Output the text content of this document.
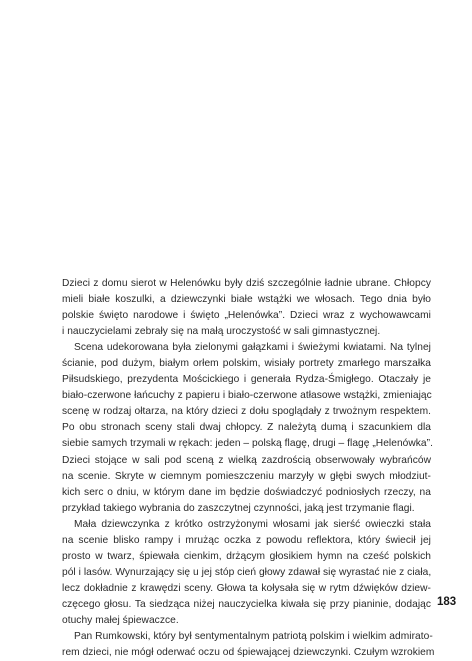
Dzieci z domu sierot w Helenówku były dziś szczególnie ładnie ubrane. Chłopcy
mieli białe koszulki, a dziewczynki białe wstążki we włosach. Tego dnia było
polskie święto narodowe i święto „Helenówka”. Dzieci wraz z wychowawcami
i nauczycielami zebrały się na małą uroczystość w sali gimnastycznej.
Scena udekorowana była zielonymi gałązkami i świeżymi kwiatami. Na tylnej
ścianie, pod dużym, białym orłem polskim, wisiały portrety zmarłego marszałka
Piłsudskiego, prezydenta Mościckiego i generała Rydza-Śmigłego. Otaczały je
biało-czerwone łańcuchy z papieru i biało-czerwone atłasowe wstążki, zmieniając
scenę w rodzaj ołtarza, na który dzieci z dołu spoglądały z trwożnym respektem.
Po obu stronach sceny stali dwaj chłopcy. Z należytą dumą i szacunkiem dla
siebie samych trzymali w rękach: jeden – polską flagę, drugi – flagę „Helenówka”.
Dzieci stojące w sali pod sceną z wielką zazdrością obserwowały wybrańców
na scenie. Skryte w ciemnym pomieszczeniu marzyły w głębi swych młodziut-
kich serc o dniu, w którym dane im będzie doświadczyć podniosłych rzeczy, na
przykład takiego wybrania do zaszczytnej czynności, jaką jest trzymanie flagi.
Mała dziewczynka z krótko ostrzyżonymi włosami jak sierść owieczki stała
na scenie blisko rampy i mrużąc oczka z powodu reflektora, który świecił jej
prosto w twarz, śpiewała cienkim, drżącym głosikiem hymn na cześć polskich
pól i lasów. Wynurzający się u jej stóp cień głowy zdawał się wyrastać nie z ciała,
lecz dokładnie z krawędzi sceny. Głowa ta kołysała się w rytm dźwięków dziew-
częcego głosu. Ta siedząca niżej nauczycielka kiwała się przy pianinie, dodając
otuchy małej śpiewaczce.
Pan Rumkowski, który był sentymentalnym patriotą polskim i wielkim admirato-
rem dzieci, nie mógł oderwać oczu od śpiewającej dziewczynki. Czułym wzrokiem
183
